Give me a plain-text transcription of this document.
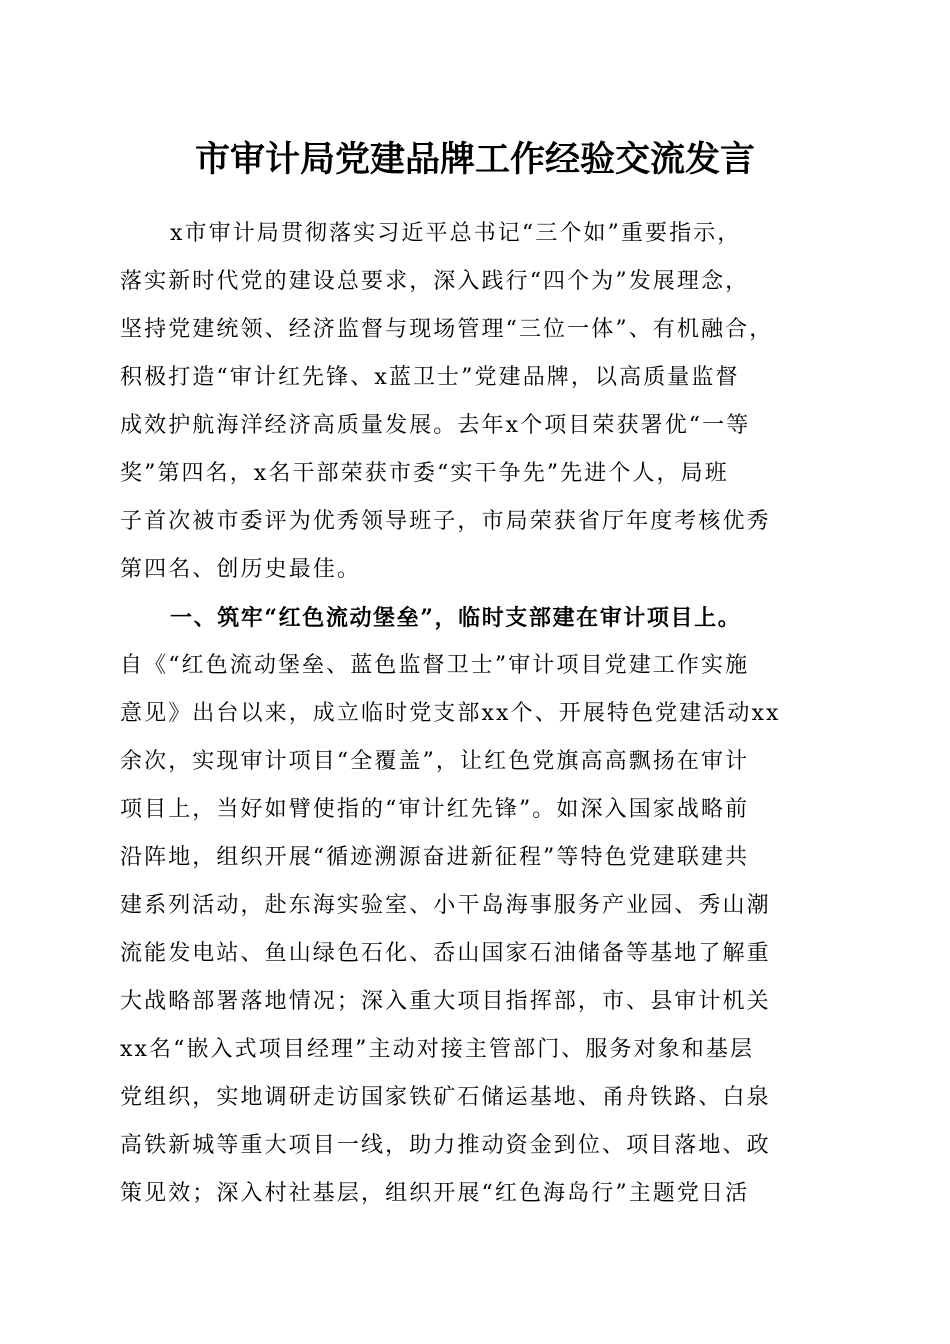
市审计局党建品牌工作经验交流发言
x市审计局贯彻落实习近平总书记“三个如”重要指示，
落实新时代党的建设总要求，深入践行“四个为”发展理念，
坚持党建统领、经济监督与现场管理“三位一体”、有机融合，
积极打造“审计红先锋、x蓝卫士”党建品牌，以高质量监督
成效护航海洋经济高质量发展。去年x个项目荣获署优“一等
奖”第四名，x名干部荣获市委“实干争先”先进个人，局班
子首次被市委评为优秀领导班子，市局荣获省厅年度考核优秀
第四名、创历史最佳。
一、筑牢“红色流动堡垒”，临时支部建在审计项目上。
自《“红色流动堡垒、蓝色监督卫士”审计项目党建工作实施
意见》出台以来，成立临时党支部xx个、开展特色党建活动xx
余次，实现审计项目“全覆盖”，让红色党旗高高飘扬在审计
项目上，当好如臂使指的“审计红先锋”。如深入国家战略前
沿阵地，组织开展“循迹溯源奋进新征程”等特色党建联建共
建系列活动，赴东海实验室、小干岛海事服务产业园、秀山潮
流能发电站、鱼山绿色石化、岙山国家石油储备等基地了解重
大战略部署落地情况；深入重大项目指挥部，市、县审计机关
xx名“嵌入式项目经理”主动对接主管部门、服务对象和基层
党组织，实地调研走访国家铁矿石储运基地、甬舟铁路、白泉
高铁新城等重大项目一线，助力推动资金到位、项目落地、政
策见效；深入村社基层，组织开展“红色海岛行”主题党日活
